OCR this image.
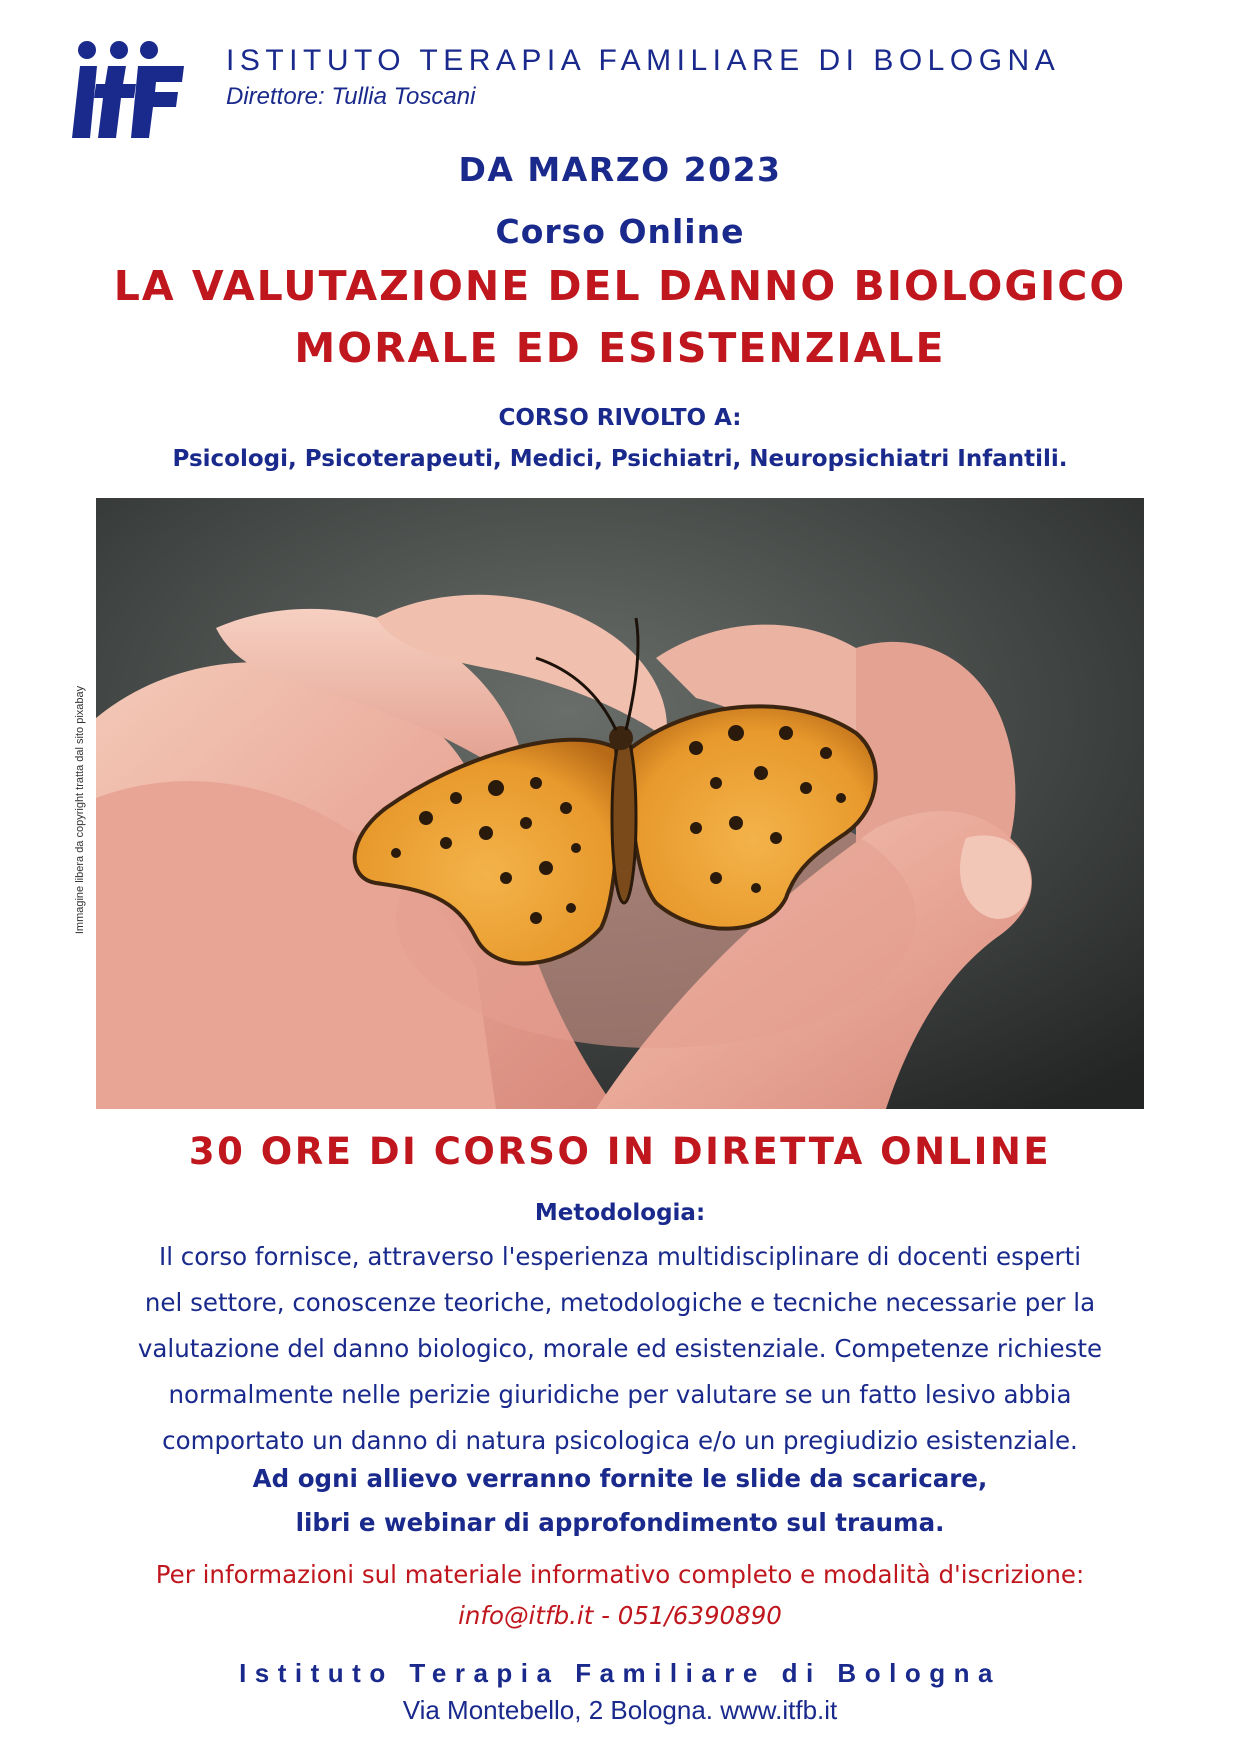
ITF
ISTITUTO TERAPIA FAMILIARE DI BOLOGNA
Direttore: Tullia Toscani
DA MARZO 2023
Corso Online
LA VALUTAZIONE DEL DANNO BIOLOGICO
MORALE ED ESISTENZIALE
CORSO RIVOLTO A:
Psicologi, Psicoterapeuti, Medici, Psichiatri, Neuropsichiatri Infantili.
Immagine libera da copyright tratta dal sito pixabay
30 ORE DI CORSO IN DIRETTA ONLINE
Metodologia:
Il corso fornisce, attraverso l'esperienza multidisciplinare di docenti esperti
nel settore, conoscenze teoriche, metodologiche e tecniche necessarie per la
valutazione del danno biologico, morale ed esistenziale. Competenze richieste
normalmente nelle perizie giuridiche per valutare se un fatto lesivo abbia
comportato un danno di natura psicologica e/o un pregiudizio esistenziale.
Ad ogni allievo verranno fornite le slide da scaricare,
libri e webinar di approfondimento sul trauma.
Per informazioni sul materiale informativo completo e modalità d'iscrizione:
info@itfb.it - 051/6390890
Istituto Terapia Familiare di Bologna
Via Montebello, 2 Bologna. www.itfb.it
